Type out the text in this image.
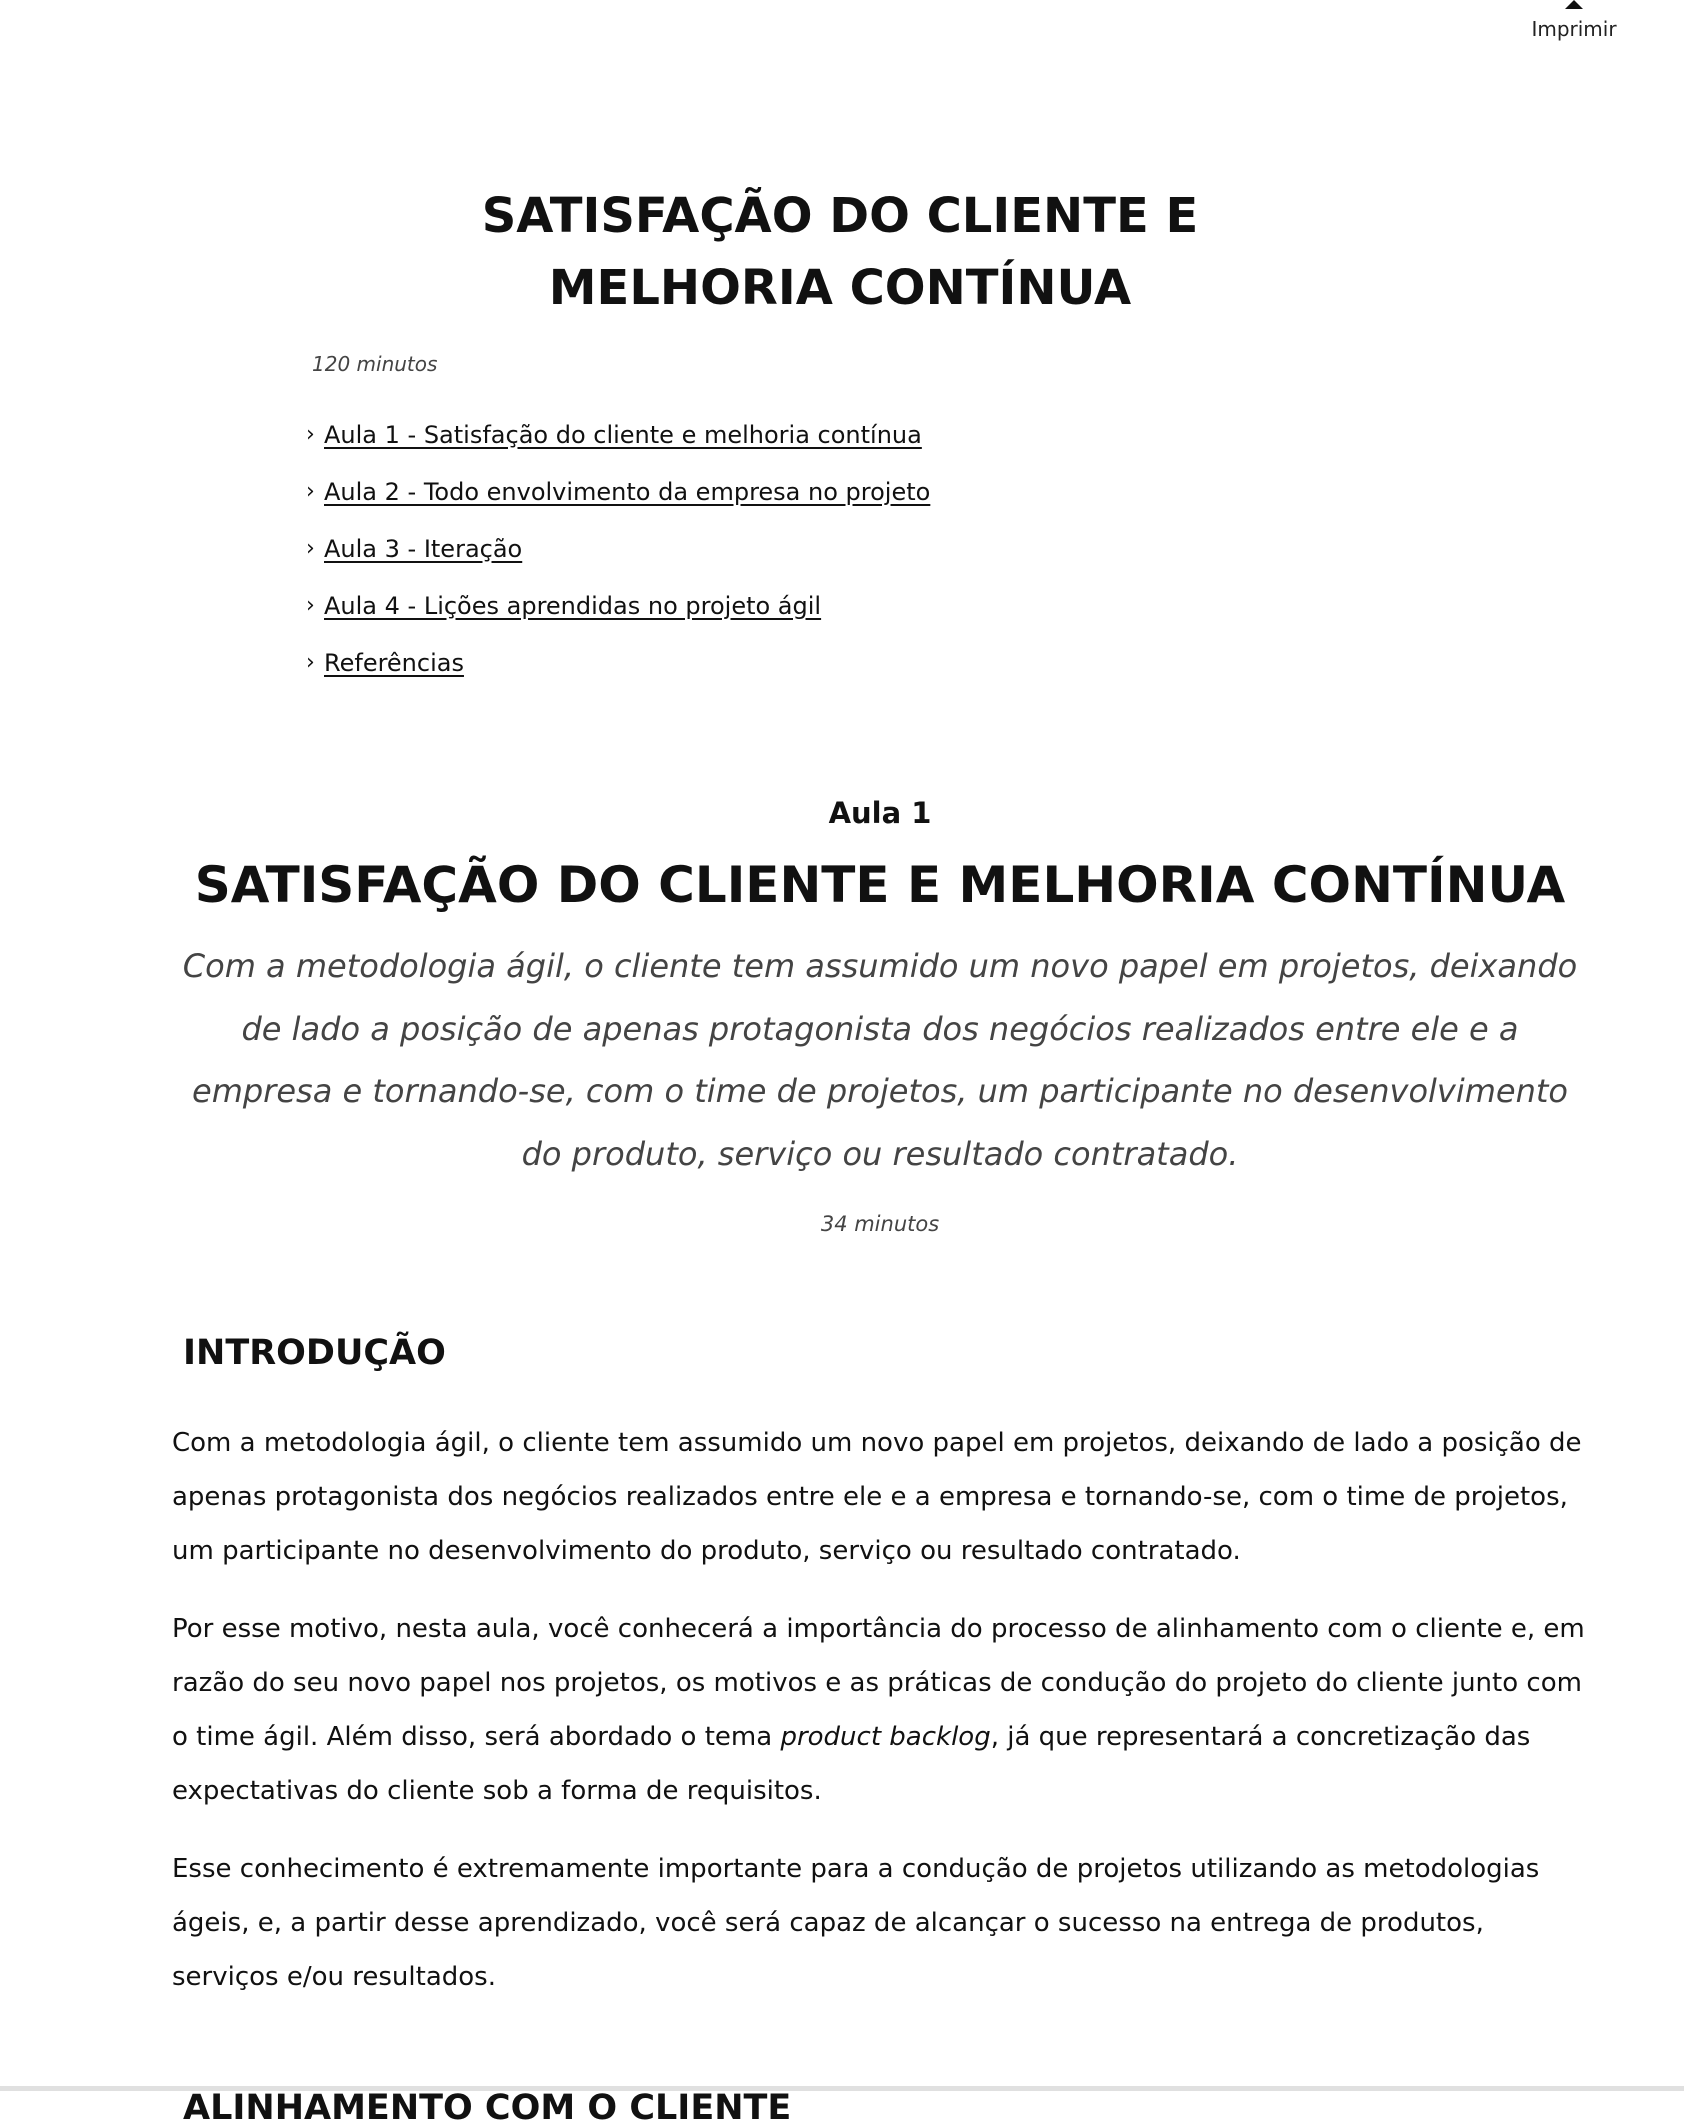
Imprimir
SATISFAÇÃO DO CLIENTE E MELHORIA CONTÍNUA
120 minutos
› Aula 1 - Satisfação do cliente e melhoria contínua
› Aula 2 - Todo envolvimento da empresa no projeto
› Aula 3 - Iteração
› Aula 4 - Lições aprendidas no projeto ágil
› Referências
Aula 1
SATISFAÇÃO DO CLIENTE E MELHORIA CONTÍNUA

Com a metodologia ágil, o cliente tem assumido um novo papel em projetos, deixando de lado a posição de apenas protagonista dos negócios realizados entre ele e a empresa e tornando-se, com o time de projetos, um participante no desenvolvimento do produto, serviço ou resultado contratado.

34 minutos
INTRODUÇÃO

Com a metodologia ágil, o cliente tem assumido um novo papel em projetos, deixando de lado a posição de apenas protagonista dos negócios realizados entre ele e a empresa e tornando-se, com o time de projetos, um participante no desenvolvimento do produto, serviço ou resultado contratado.

Por esse motivo, nesta aula, você conhecerá a importância do processo de alinhamento com o cliente e, em razão do seu novo papel nos projetos, os motivos e as práticas de condução do projeto do cliente junto com o time ágil. Além disso, será abordado o tema product backlog, já que representará a concretização das expectativas do cliente sob a forma de requisitos.

Esse conhecimento é extremamente importante para a condução de projetos utilizando as metodologias ágeis, e, a partir desse aprendizado, você será capaz de alcançar o sucesso na entrega de produtos, serviços e/ou resultados.

ALINHAMENTO COM O CLIENTE
